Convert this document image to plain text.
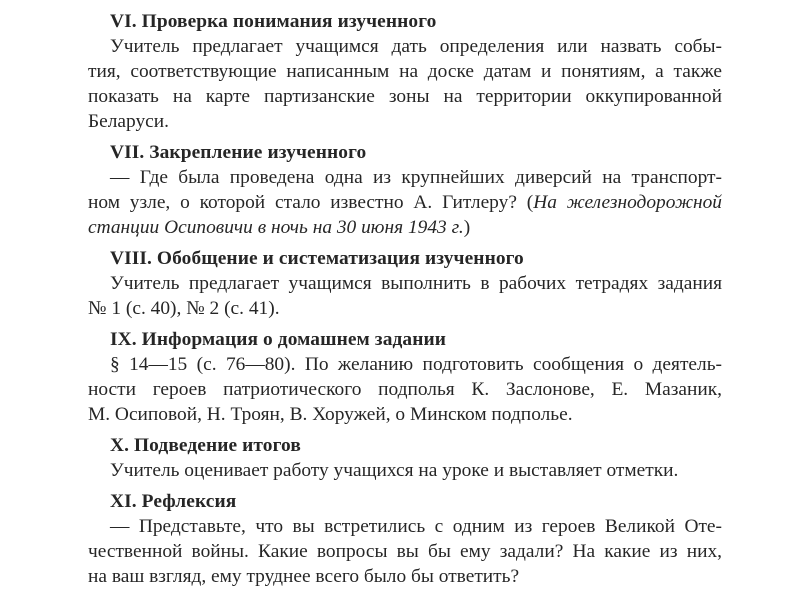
VI. Проверка понимания изученного

Учитель предлагает учащимся дать определения или назвать собы-
тия, соответствующие написанным на доске датам и понятиям, а также
показать на карте партизанские зоны на территории оккупированной
Беларуси.

VII. Закрепление изученного

— Где была проведена одна из крупнейших диверсий на транспорт-
ном узле, о которой стало известно А. Гитлеру? (На железнодорожной
станции Осиповичи в ночь на 30 июня 1943 г.)

VIII. Обобщение и систематизация изученного

Учитель предлагает учащимся выполнить в рабочих тетрадях задания
№ 1 (с. 40), № 2 (с. 41).

IX. Информация о домашнем задании

§ 14—15 (с. 76—80). По желанию подготовить сообщения о деятель-
ности героев патриотического подполья К. Заслонове, Е. Мазаник,
М. Осиповой, Н. Троян, В. Хоружей, о Минском подполье.

X. Подведение итогов

Учитель оценивает работу учащихся на уроке и выставляет отметки.

XI. Рефлексия

— Представьте, что вы встретились с одним из героев Великой Оте-
чественной войны. Какие вопросы вы бы ему задали? На какие из них,
на ваш взгляд, ему труднее всего было бы ответить?
